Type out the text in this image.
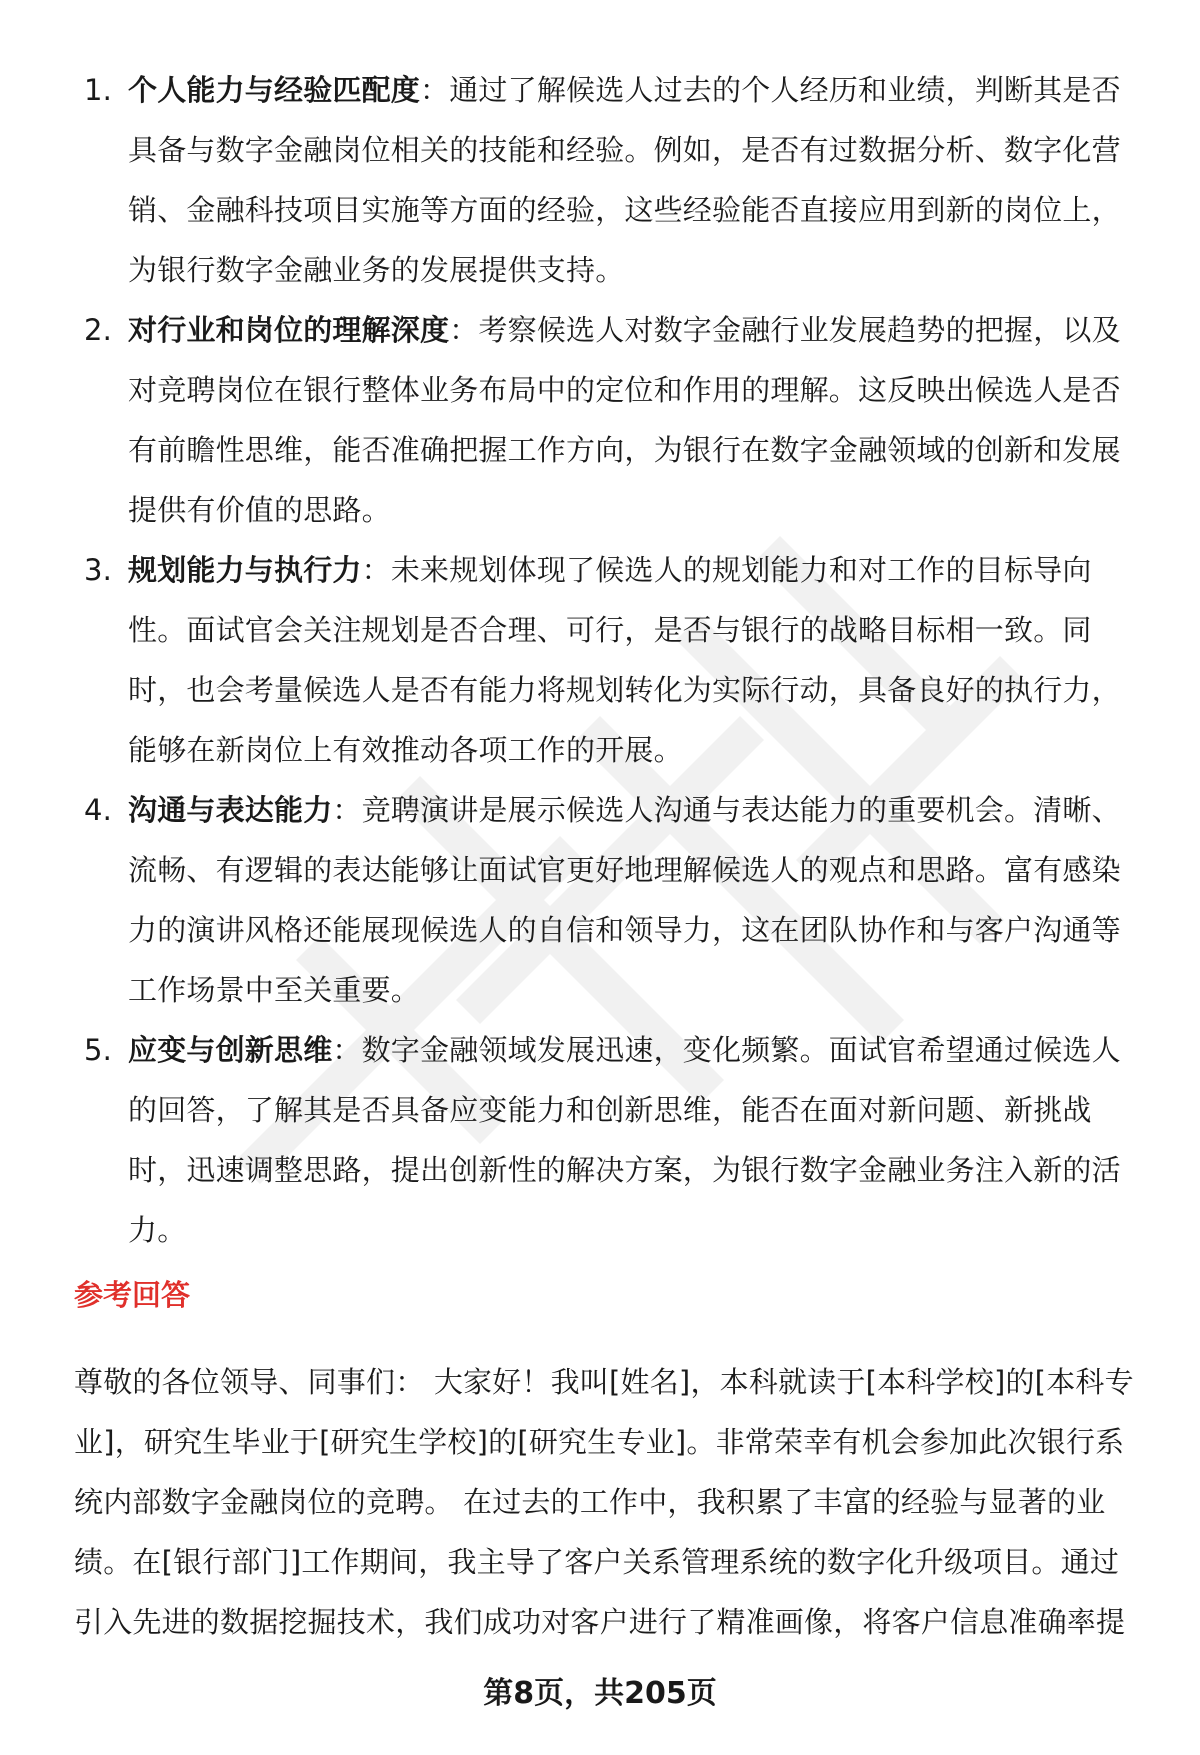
1. 个人能力与经验匹配度：通过了解候选人过去的个人经历和业绩，判断其是否具备与数字金融岗位相关的技能和经验。例如，是否有过数据分析、数字化营销、金融科技项目实施等方面的经验，这些经验能否直接应用到新的岗位上，为银行数字金融业务的发展提供支持。
2. 对行业和岗位的理解深度：考察候选人对数字金融行业发展趋势的把握，以及对竞聘岗位在银行整体业务布局中的定位和作用的理解。这反映出候选人是否有前瞻性思维，能否准确把握工作方向，为银行在数字金融领域的创新和发展提供有价值的思路。
3. 规划能力与执行力：未来规划体现了候选人的规划能力和对工作的目标导向性。面试官会关注规划是否合理、可行，是否与银行的战略目标相一致。同时，也会考量候选人是否有能力将规划转化为实际行动，具备良好的执行力，能够在新岗位上有效推动各项工作的开展。
4. 沟通与表达能力：竞聘演讲是展示候选人沟通与表达能力的重要机会。清晰、流畅、有逻辑的表达能够让面试官更好地理解候选人的观点和思路。富有感染力的演讲风格还能展现候选人的自信和领导力，这在团队协作和与客户沟通等工作场景中至关重要。
5. 应变与创新思维：数字金融领域发展迅速，变化频繁。面试官希望通过候选人的回答，了解其是否具备应变能力和创新思维，能否在面对新问题、新挑战时，迅速调整思路，提出创新性的解决方案，为银行数字金融业务注入新的活力。
参考回答

尊敬的各位领导、同事们： 大家好！我叫[姓名]，本科就读于[本科学校]的[本科专业]，研究生毕业于[研究生学校]的[研究生专业]。非常荣幸有机会参加此次银行系统内部数字金融岗位的竞聘。 在过去的工作中，我积累了丰富的经验与显著的业绩。在[银行部门]工作期间，我主导了客户关系管理系统的数字化升级项目。通过引入先进的数据挖掘技术，我们成功对客户进行了精准画像，将客户信息准确率提

第8页，共205页
